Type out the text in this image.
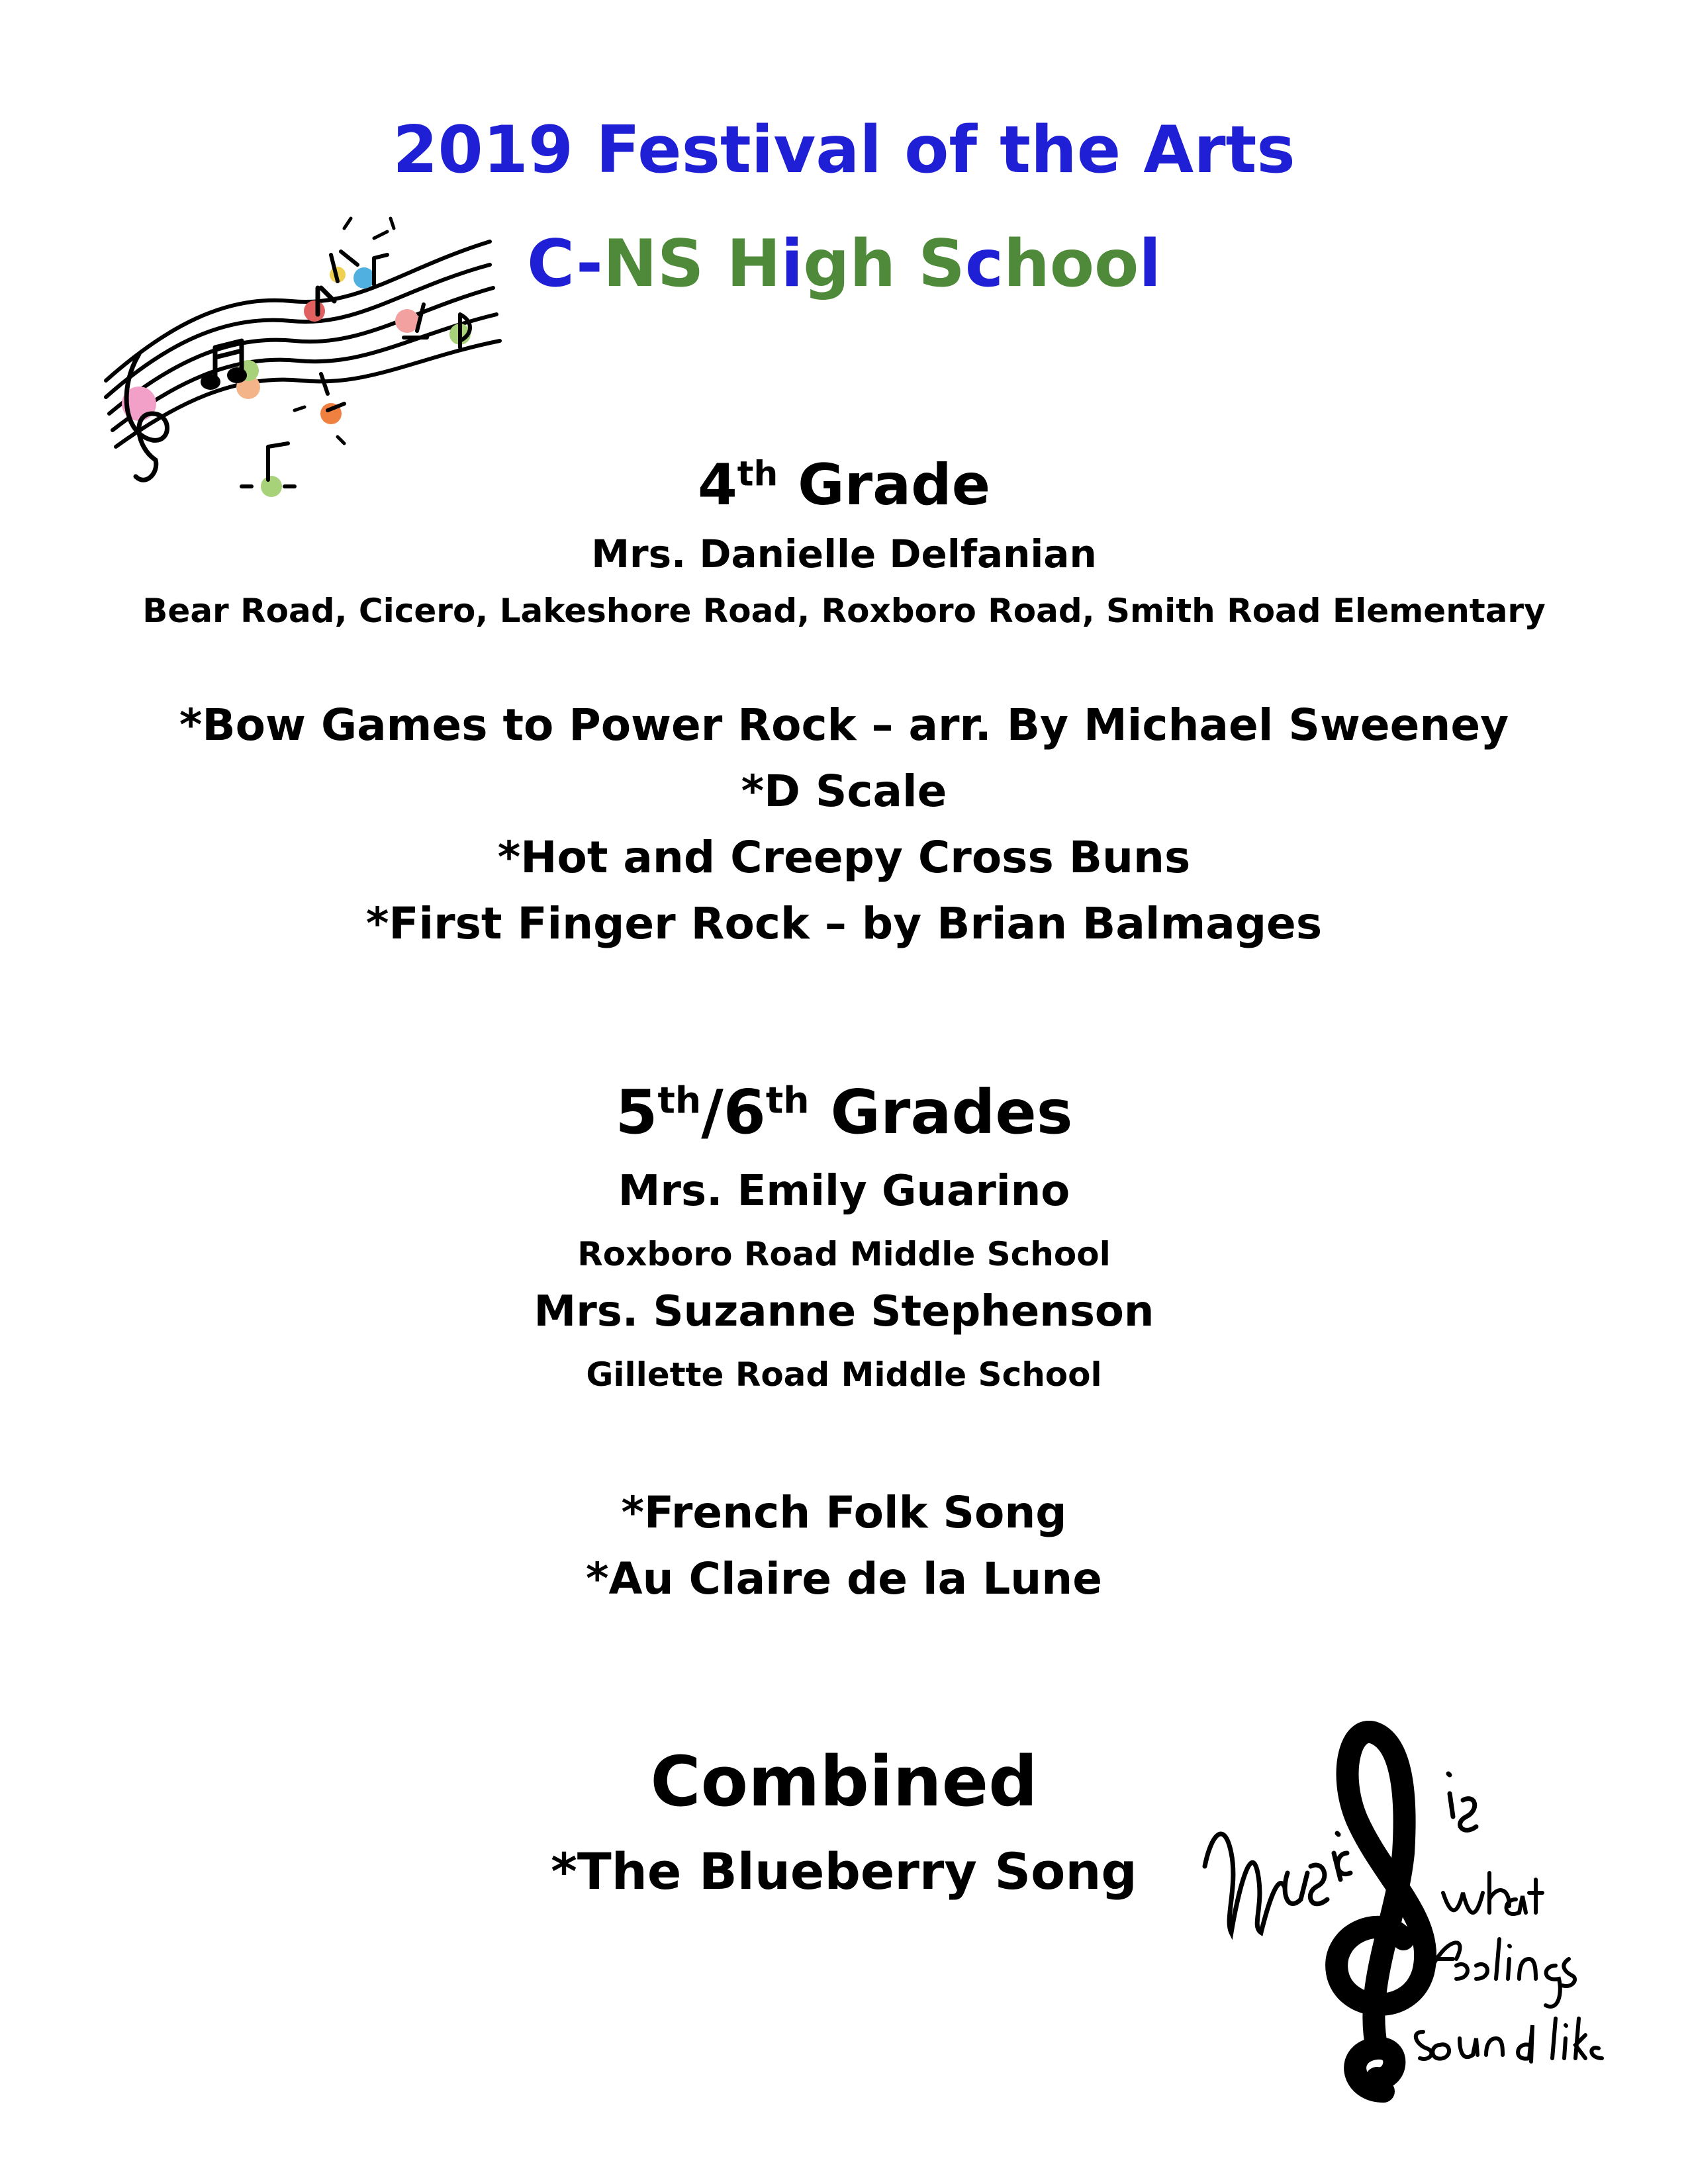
2019 Festival of the Arts
C-NS High School
4th Grade
Mrs. Danielle Delfanian
Bear Road, Cicero, Lakeshore Road, Roxboro Road, Smith Road Elementary
*Bow Games to Power Rock – arr. By Michael Sweeney
*D Scale
*Hot and Creepy Cross Buns
*First Finger Rock – by Brian Balmages
5th/6th Grades
Mrs. Emily Guarino
Roxboro Road Middle School
Mrs. Suzanne Stephenson
Gillette Road Middle School
*French Folk Song
*Au Claire de la Lune
Combined
*The Blueberry Song
